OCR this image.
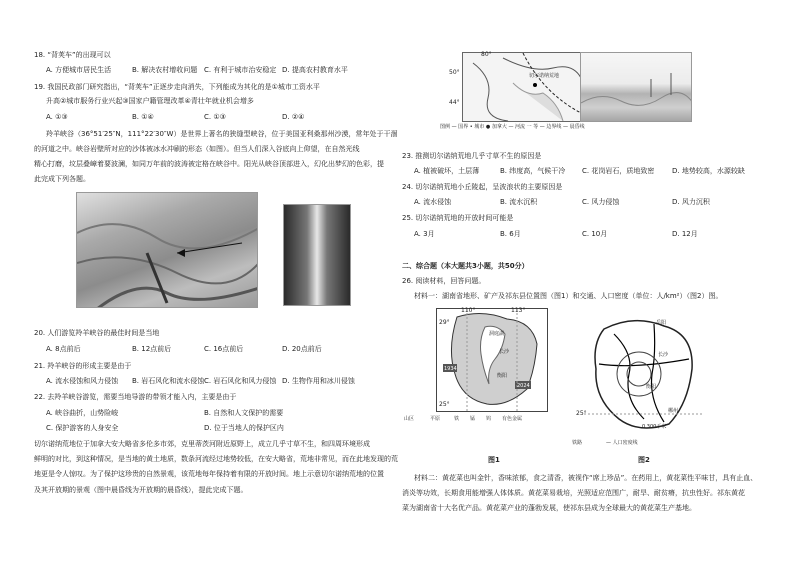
18. “背荚车”的出现可以
A. 方便城市居民生活	B. 解决农村增收问题 C. 有利于城市治安稳定 D. 提高农村教育水平
19. 我国民政部门研究指出，“背荚车”正逐步走向消失，下列能成为其化的是①城市工资水平
升高②城市服务行业兴起③国家户籍管理改革④青壮年就业机会增多
A. ①③	B. ①④	C. ①③	D. ②④
羚羊峡谷（36°51′25″N，111°22′30″W）是世界上著名的狭缝型峡谷，位于美国亚利桑那州沙漠，常年处于干涸
的河道之中。峡谷岩壁所对应的沙体被冰水冲刷的形态（如图）。但当人们深入谷底向上仰望，在自然光线
精心打磨，坟层叠嶂着要波澜，如同万年前的波涛被定格在峡谷中。阳光从峡谷顶部进入，幻化出梦幻的色彩，提
此完成下列各题。
20. 人们游览羚羊峡谷的最佳时间是当地
A. 8点前后	B. 12点前后	C. 16点前后	D. 20点前后
21. 羚羊峡谷的形成主要是由于
A. 流水侵蚀和风力侵蚀 B. 岩石风化和流水侵蚀 C. 岩石风化和风力侵蚀 D. 生物作用和冰川侵蚀
22. 去羚羊峡谷游览，需要当地导游的带领才能入内，主要是由于
A. 峡谷曲折，山势险峻	B. 自然和人文保护的需要
C. 保护游客的人身安全	D. 位于当地人的保护区内
切尔诺纳荒地位于加拿大安大略省多伦多市郊，克里蒂茨河附近原野上，成立几乎寸草不生，和四周环境形成
鲜明的对比，到这种情况，是当地的黄土地质，数条河流经过地势较低，在安大略省，荒地非常见，而在此地发现的荒
地更是令人惊叹。为了保护这珍贵的自然景观，该荒地每年保持着有限的开放时间。地上示意切尔诺纳荒地的位置
及其开放期的景观（图中晨昏线为开放期的晨昏线），提此完成下题。
80°
50°
44°
切尔诺纳荒地
图例 — 国界 • 城市 ● 加拿大 — 河流 一 等 — 边界线 — 晨昏线
23. 推测切尔诺纳荒地几乎寸草不生的原因是
A. 植被破坏，土层薄	B. 纬度高，气候干冷 C. 花岗岩石，质地致密	D. 地势较高，水源较缺
24. 切尔诺纳荒地小丘陵起，呈波浪状的主要原因是
A. 流水侵蚀	B. 流水沉积	C. 风力侵蚀	D. 风力沉积
25. 切尔诺纳荒地的开放时间可能是
A. 3月	B. 6月	C. 10月	D. 12月
二、综合题（本大题共3小题，共50分）
26. 阅读材料，回答问题。
材料一：湖南省地形、矿产及祁东县位置图（图1）和交通、人口密度（单位：人/km²）（图2）图。
110°	113°
29°
25°
洞庭湖
长沙
衡阳
1934
2024
山区	平原	铁 锰 钨 有色金属
图1
岳阳
长沙
衡阳
郴州
25°
0 300千米
铁路	— 人口密度线
图2
材料二：黄花菜也叫金针，香味浓郁，食之清香，被视作“席上珍品”。在药用上，黄花菜性平味甘，具有止血、
消炎等功效，长期食用能增强人体体质。黄花菜易栽培，光照适应范围广，耐旱、耐贫瘠，抗虫性好。祁东黄花
菜为湖南省十大名优产品。黄花菜产业的蓬勃发展，使祁东县成为全球最大的黄花菜生产基地。
